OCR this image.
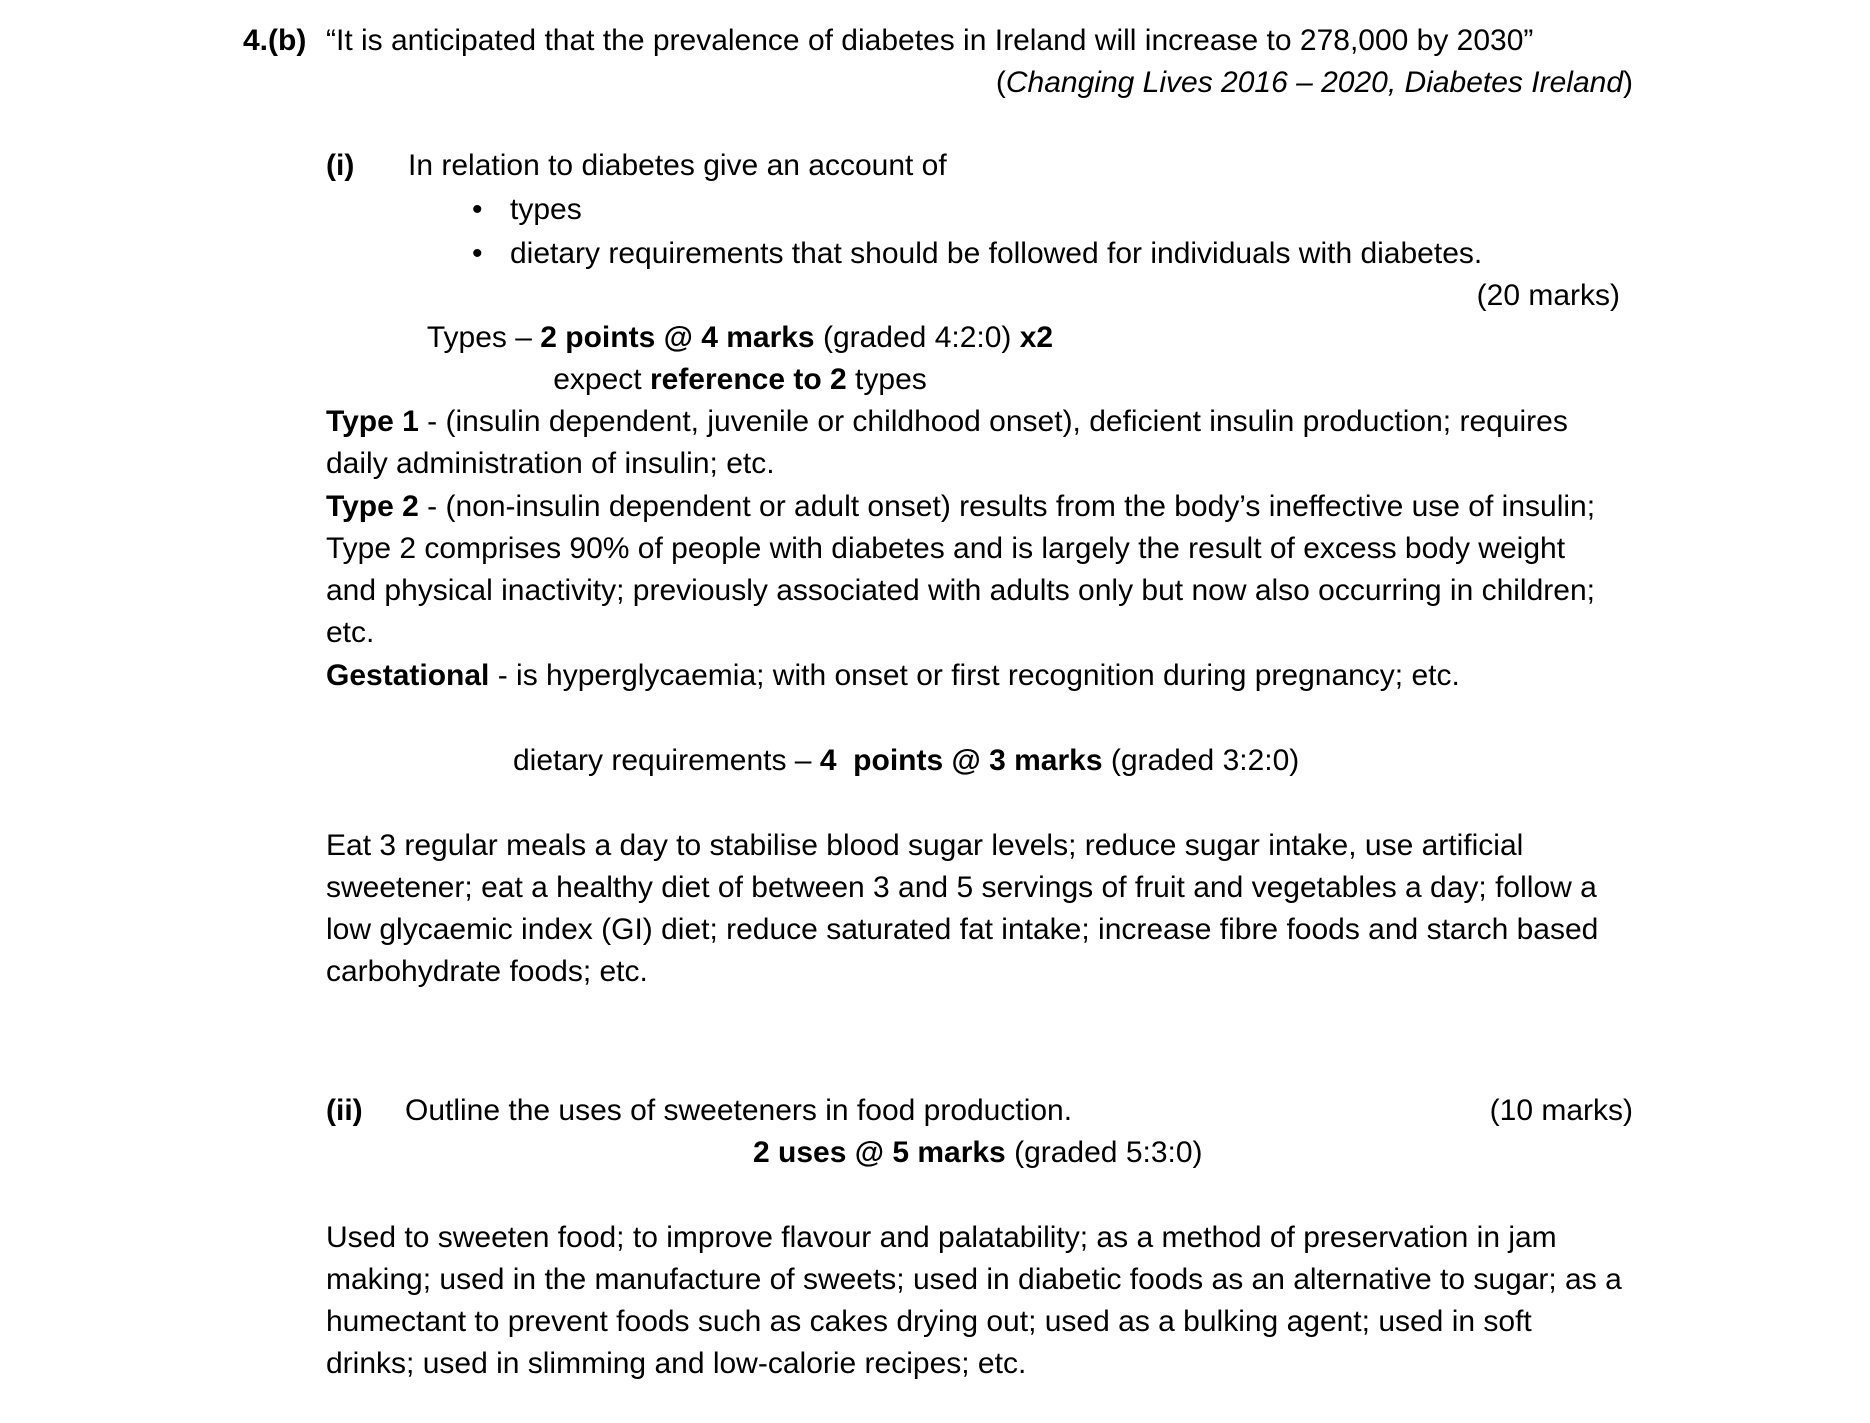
4.(b) “It is anticipated that the prevalence of diabetes in Ireland will increase to 278,000 by 2030”
(Changing Lives 2016 – 2020, Diabetes Ireland)
(i) In relation to diabetes give an account of
• types
• dietary requirements that should be followed for individuals with diabetes.
(20 marks)
Types – 2 points @ 4 marks (graded 4:2:0) x2
expect reference to 2 types
Type 1 - (insulin dependent, juvenile or childhood onset), deficient insulin production; requires daily administration of insulin; etc.
Type 2 - (non-insulin dependent or adult onset) results from the body’s ineffective use of insulin; Type 2 comprises 90% of people with diabetes and is largely the result of excess body weight and physical inactivity; previously associated with adults only but now also occurring in children; etc.
Gestational - is hyperglycaemia; with onset or first recognition during pregnancy; etc.
dietary requirements – 4  points @ 3 marks (graded 3:2:0)
Eat 3 regular meals a day to stabilise blood sugar levels; reduce sugar intake, use artificial sweetener; eat a healthy diet of between 3 and 5 servings of fruit and vegetables a day; follow a low glycaemic index (GI) diet; reduce saturated fat intake; increase fibre foods and starch based carbohydrate foods; etc.
(ii) Outline the uses of sweeteners in food production.	(10 marks)
2 uses @ 5 marks (graded 5:3:0)
Used to sweeten food; to improve flavour and palatability; as a method of preservation in jam making; used in the manufacture of sweets; used in diabetic foods as an alternative to sugar; as a humectant to prevent foods such as cakes drying out; used as a bulking agent; used in soft drinks; used in slimming and low-calorie recipes; etc.
